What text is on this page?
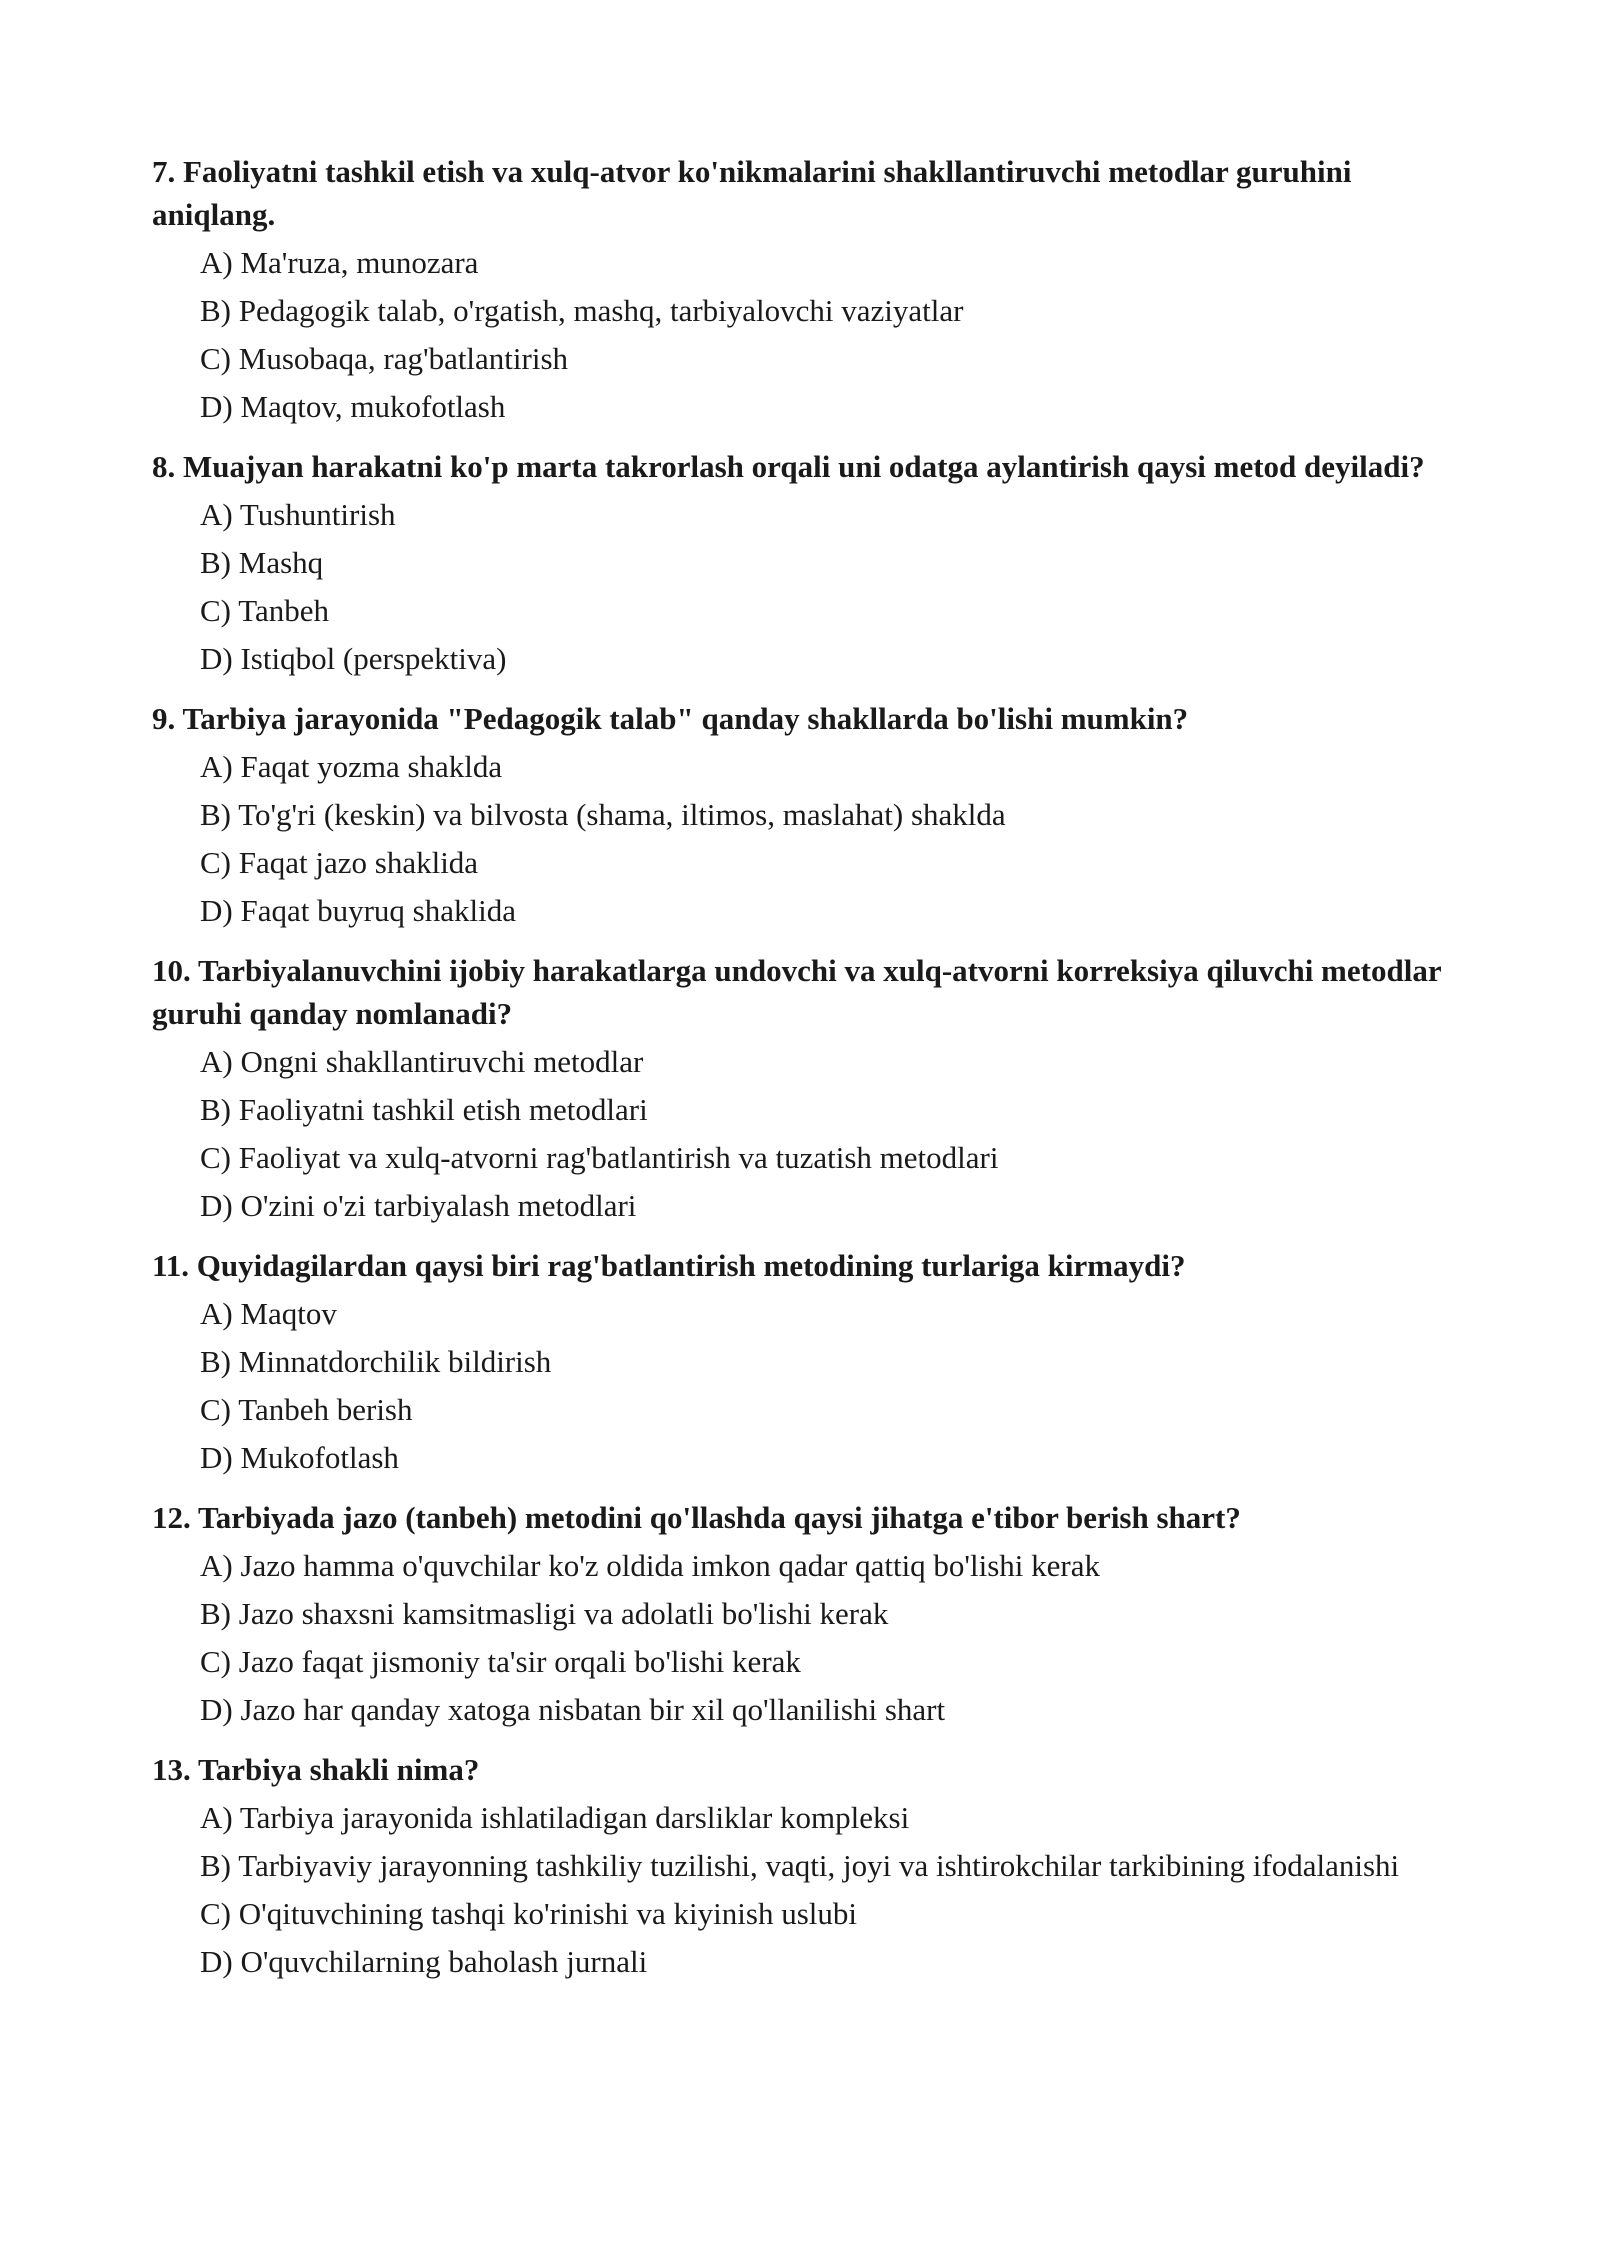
7. Faoliyatni tashkil etish va xulq-atvor ko'nikmalarini shakllantiruvchi metodlar guruhini aniqlang.

A) Ma'ruza, munozara
B) Pedagogik talab, o'rgatish, mashq, tarbiyalovchi vaziyatlar
C) Musobaqa, rag'batlantirish
D) Maqtov, mukofotlash

8. Muajyan harakatni ko'p marta takrorlash orqali uni odatga aylantirish qaysi metod deyiladi?

A) Tushuntirish
B) Mashq
C) Tanbeh
D) Istiqbol (perspektiva)

9. Tarbiya jarayonida "Pedagogik talab" qanday shakllarda bo'lishi mumkin?

A) Faqat yozma shaklda
B) To'g'ri (keskin) va bilvosta (shama, iltimos, maslahat) shaklda
C) Faqat jazo shaklida
D) Faqat buyruq shaklida

10. Tarbiyalanuvchini ijobiy harakatlarga undovchi va xulq-atvorni korreksiya qiluvchi metodlar guruhi qanday nomlanadi?

A) Ongni shakllantiruvchi metodlar
B) Faoliyatni tashkil etish metodlari
C) Faoliyat va xulq-atvorni rag'batlantirish va tuzatish metodlari
D) O'zini o'zi tarbiyalash metodlari

11. Quyidagilardan qaysi biri rag'batlantirish metodining turlariga kirmaydi?

A) Maqtov
B) Minnatdorchilik bildirish
C) Tanbeh berish
D) Mukofotlash

12. Tarbiyada jazo (tanbeh) metodini qo'llashda qaysi jihatga e'tibor berish shart?

A) Jazo hamma o'quvchilar ko'z oldida imkon qadar qattiq bo'lishi kerak
B) Jazo shaxsni kamsitmasligi va adolatli bo'lishi kerak
C) Jazo faqat jismoniy ta'sir orqali bo'lishi kerak
D) Jazo har qanday xatoga nisbatan bir xil qo'llanilishi shart

13. Tarbiya shakli nima?

A) Tarbiya jarayonida ishlatiladigan darsliklar kompleksi
B) Tarbiyaviy jarayonning tashkiliy tuzilishi, vaqti, joyi va ishtirokchilar tarkibining ifodalanishi
C) O'qituvchining tashqi ko'rinishi va kiyinish uslubi
D) O'quvchilarning baholash jurnali
